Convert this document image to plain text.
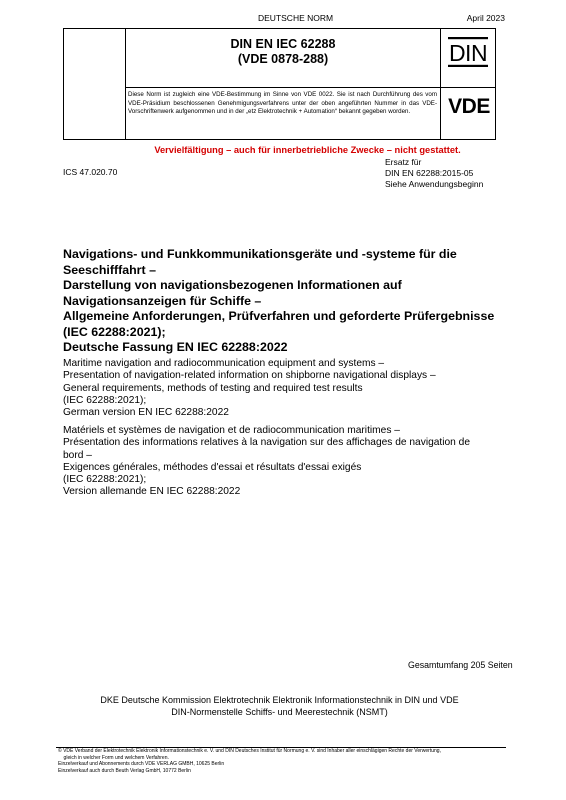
DEUTSCHE NORM	April 2023
DIN EN IEC 62288
(VDE 0878-288)
Diese Norm ist zugleich eine VDE-Bestimmung im Sinne von VDE 0022. Sie ist nach Durchführung des vom VDE-Präsidium beschlossenen Genehmigungsverfahrens unter der oben angeführten Nummer in das VDE-Vorschriftenwerk aufgenommen und in der „etz Elektrotechnik + Automation“ bekannt gegeben worden.
DIN
VDE
Vervielfältigung – auch für innerbetriebliche Zwecke – nicht gestattet.
ICS 47.020.70
Ersatz für
DIN EN 62288:2015-05
Siehe Anwendungsbeginn
Navigations- und Funkkommunikationsgeräte und -systeme für die
Seeschifffahrt –
Darstellung von navigationsbezogenen Informationen auf
Navigationsanzeigen für Schiffe –
Allgemeine Anforderungen, Prüfverfahren und geforderte Prüfergebnisse
(IEC 62288:2021);
Deutsche Fassung EN IEC 62288:2022
Maritime navigation and radiocommunication equipment and systems –
Presentation of navigation-related information on shipborne navigational displays –
General requirements, methods of testing and required test results
(IEC 62288:2021);
German version EN IEC 62288:2022
Matériels et systèmes de navigation et de radiocommunication maritimes –
Présentation des informations relatives à la navigation sur des affichages de navigation de
bord –
Exigences générales, méthodes d'essai et résultats d'essai exigés
(IEC 62288:2021);
Version allemande EN IEC 62288:2022
Gesamtumfang 205 Seiten
DKE Deutsche Kommission Elektrotechnik Elektronik Informationstechnik in DIN und VDE
DIN-Normenstelle Schiffs- und Meerestechnik (NSMT)
© VDE Verband der Elektrotechnik Elektronik Informationstechnik e. V. und DIN Deutsches Institut für Normung e. V. sind Inhaber aller einschlägigen Rechte der Verwertung,
gleich in welcher Form und welchem Verfahren.
Einzelverkauf und Abonnements durch VDE VERLAG GMBH, 10625 Berlin
Einzelverkauf auch durch Beuth Verlag GmbH, 10772 Berlin
